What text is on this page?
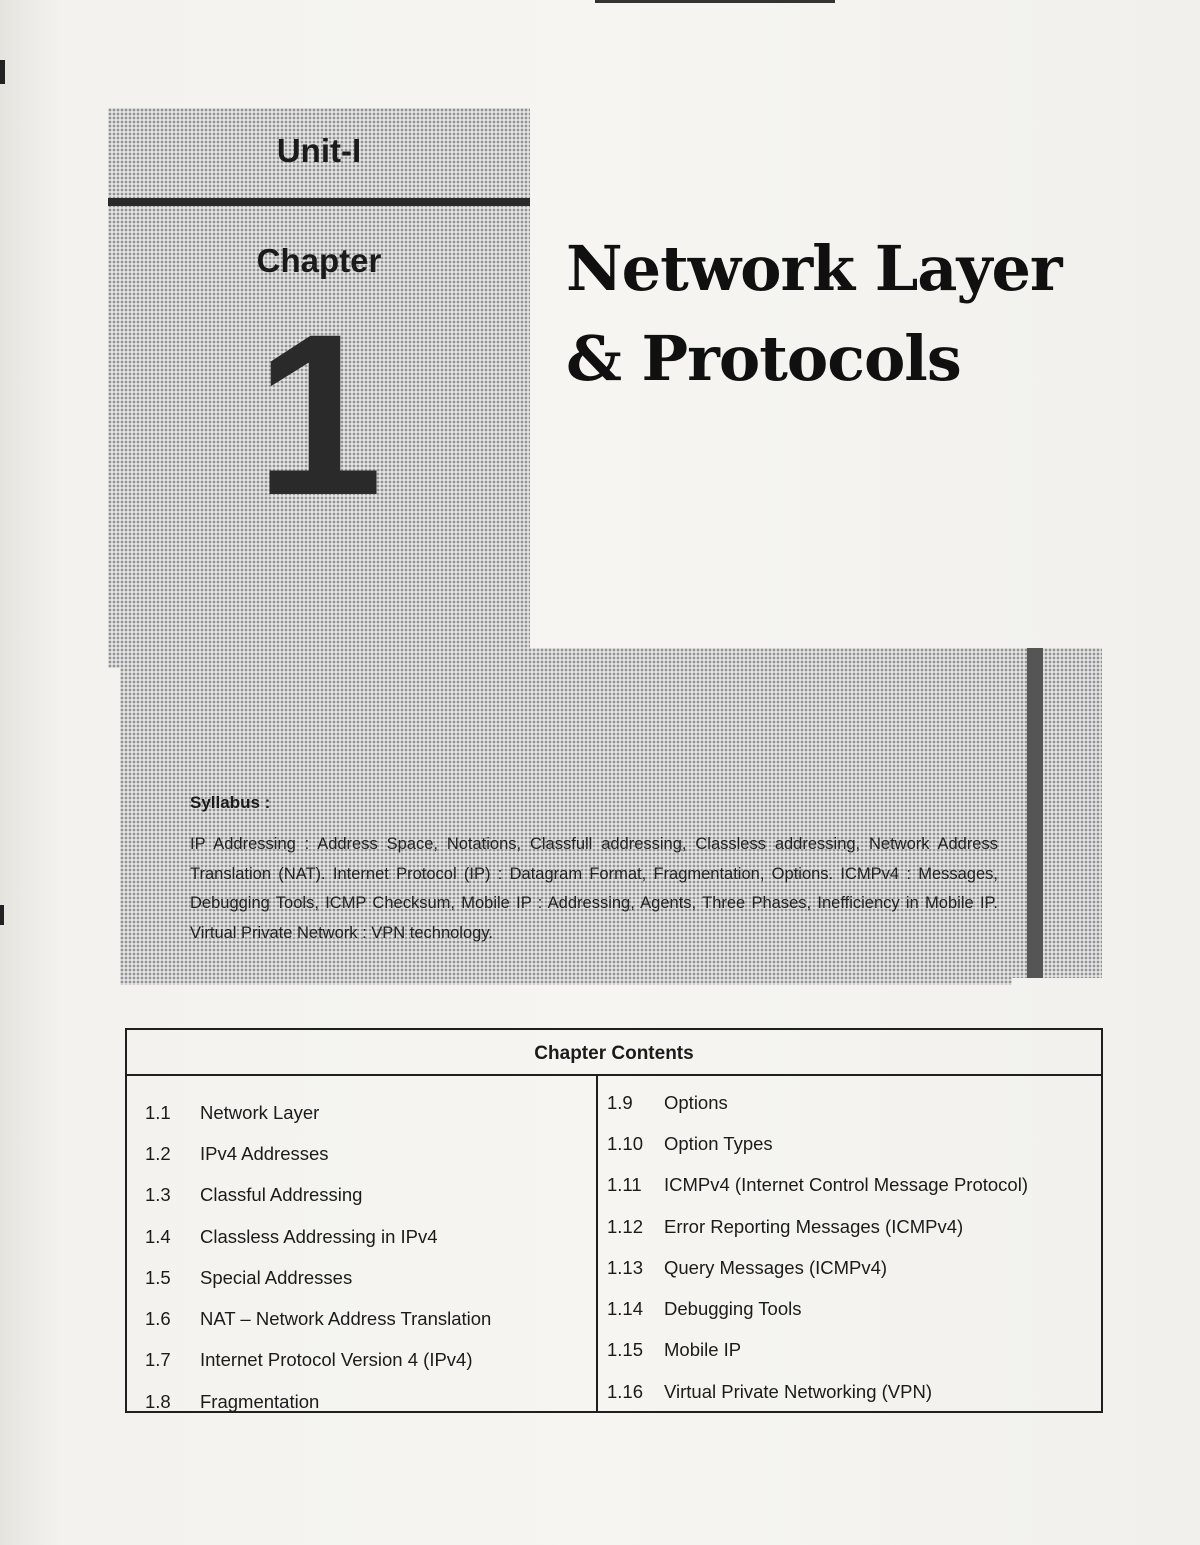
Unit-I
Chapter
1
Network Layer
& Protocols
Syllabus :
IP Addressing : Address Space, Notations, Classfull addressing, Classless addressing, Network Address Translation (NAT). Internet Protocol (IP) : Datagram Format, Fragmentation, Options. ICMPv4 : Messages, Debugging Tools, ICMP Checksum, Mobile IP : Addressing, Agents, Three Phases, Inefficiency in Mobile IP. Virtual Private Network : VPN technology.
Chapter Contents
1.1	Network Layer
1.2	IPv4 Addresses
1.3	Classful Addressing
1.4	Classless Addressing in IPv4
1.5	Special Addresses
1.6	NAT – Network Address Translation
1.7	Internet Protocol Version 4 (IPv4)
1.8	Fragmentation
1.9	Options
1.10	Option Types
1.11	ICMPv4 (Internet Control Message Protocol)
1.12	Error Reporting Messages (ICMPv4)
1.13	Query Messages (ICMPv4)
1.14	Debugging Tools
1.15	Mobile IP
1.16	Virtual Private Networking (VPN)
